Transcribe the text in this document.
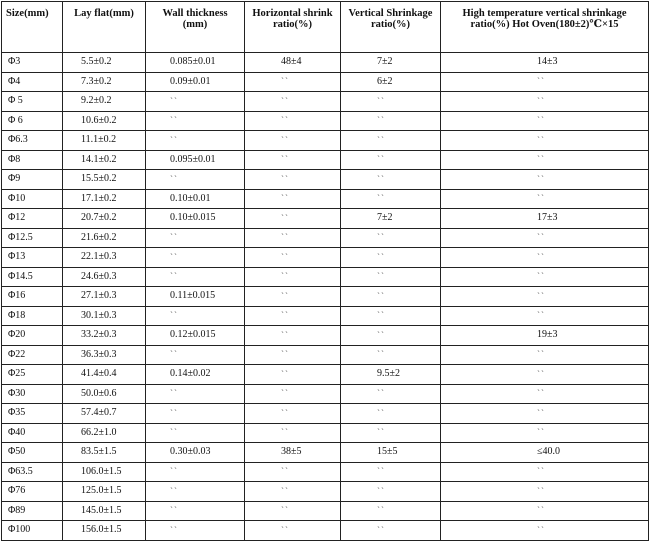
Size(mm)	Lay flat(mm)	Wall thickness (mm)	Horizontal shrink ratio(%)	Vertical Shrinkage ratio(%)	High temperature vertical shrinkage ratio(%) Hot Oven(180±2)℃×15
Φ3	5.5±0.2	0.085±0.01	48±4	7±2	14±3
Φ4	7.3±0.2	0.09±0.01	``	6±2	``
Φ 5	9.2±0.2	``	``	``	``
Φ 6	10.6±0.2	``	``	``	``
Φ6.3	11.1±0.2	``	``	``	``
Φ8	14.1±0.2	0.095±0.01	``	``	``
Φ9	15.5±0.2	``	``	``	``
Φ10	17.1±0.2	0.10±0.01	``	``	``
Φ12	20.7±0.2	0.10±0.015	``	7±2	17±3
Φ12.5	21.6±0.2	``	``	``	``
Φ13	22.1±0.3	``	``	``	``
Φ14.5	24.6±0.3	``	``	``	``
Φ16	27.1±0.3	0.11±0.015	``	``	``
Φ18	30.1±0.3	``	``	``	``
Φ20	33.2±0.3	0.12±0.015	``	``	19±3
Φ22	36.3±0.3	``	``	``	``
Φ25	41.4±0.4	0.14±0.02	``	9.5±2	``
Φ30	50.0±0.6	``	``	``	``
Φ35	57.4±0.7	``	``	``	``
Φ40	66.2±1.0	``	``	``	``
Φ50	83.5±1.5	0.30±0.03	38±5	15±5	≤40.0
Φ63.5	106.0±1.5	``	``	``	``
Φ76	125.0±1.5	``	``	``	``
Φ89	145.0±1.5	``	``	``	``
Φ100	156.0±1.5	``	``	``	``
